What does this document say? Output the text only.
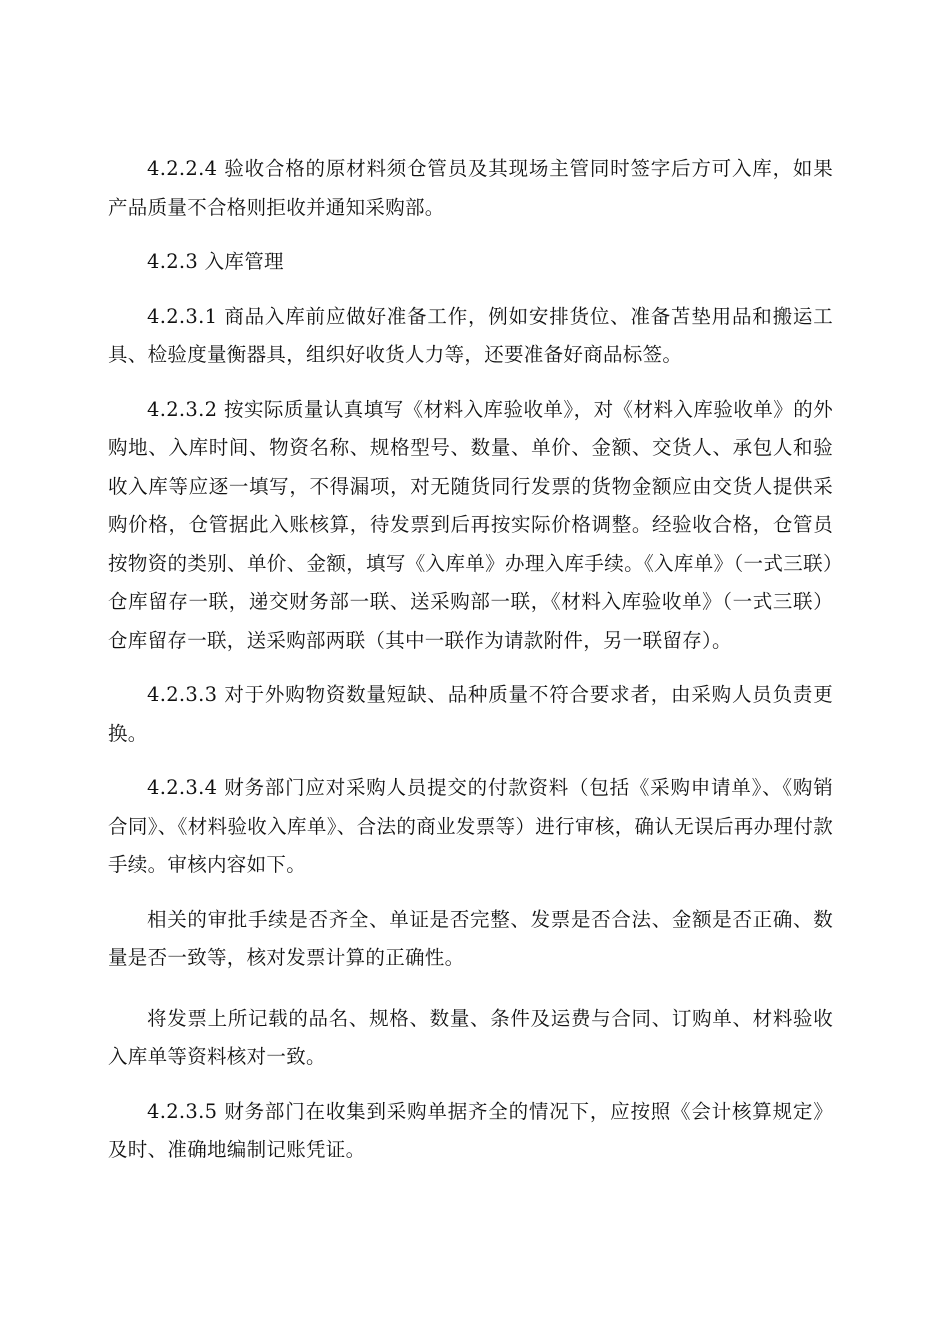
4.2.2.4 验收合格的原材料须仓管员及其现场主管同时签字后方可入库，如果产品质量不合格则拒收并通知采购部。

4.2.3 入库管理

4.2.3.1 商品入库前应做好准备工作，例如安排货位、准备苫垫用品和搬运工具、检验度量衡器具，组织好收货人力等，还要准备好商品标签。

4.2.3.2 按实际质量认真填写《材料入库验收单》，对《材料入库验收单》的外购地、入库时间、物资名称、规格型号、数量、单价、金额、交货人、承包人和验收入库等应逐一填写，不得漏项，对无随货同行发票的货物金额应由交货人提供采购价格，仓管据此入账核算，待发票到后再按实际价格调整。经验收合格，仓管员按物资的类别、单价、金额，填写《入库单》办理入库手续。《入库单》（一式三联）仓库留存一联，递交财务部一联、送采购部一联，《材料入库验收单》（一式三联）仓库留存一联，送采购部两联（其中一联作为请款附件，另一联留存）。

4.2.3.3 对于外购物资数量短缺、品种质量不符合要求者，由采购人员负责更换。

4.2.3.4 财务部门应对采购人员提交的付款资料（包括《采购申请单》、《购销合同》、《材料验收入库单》、合法的商业发票等）进行审核，确认无误后再办理付款手续。审核内容如下。

相关的审批手续是否齐全、单证是否完整、发票是否合法、金额是否正确、数量是否一致等，核对发票计算的正确性。

将发票上所记载的品名、规格、数量、条件及运费与合同、订购单、材料验收入库单等资料核对一致。

4.2.3.5 财务部门在收集到采购单据齐全的情况下，应按照《会计核算规定》及时、准确地编制记账凭证。
